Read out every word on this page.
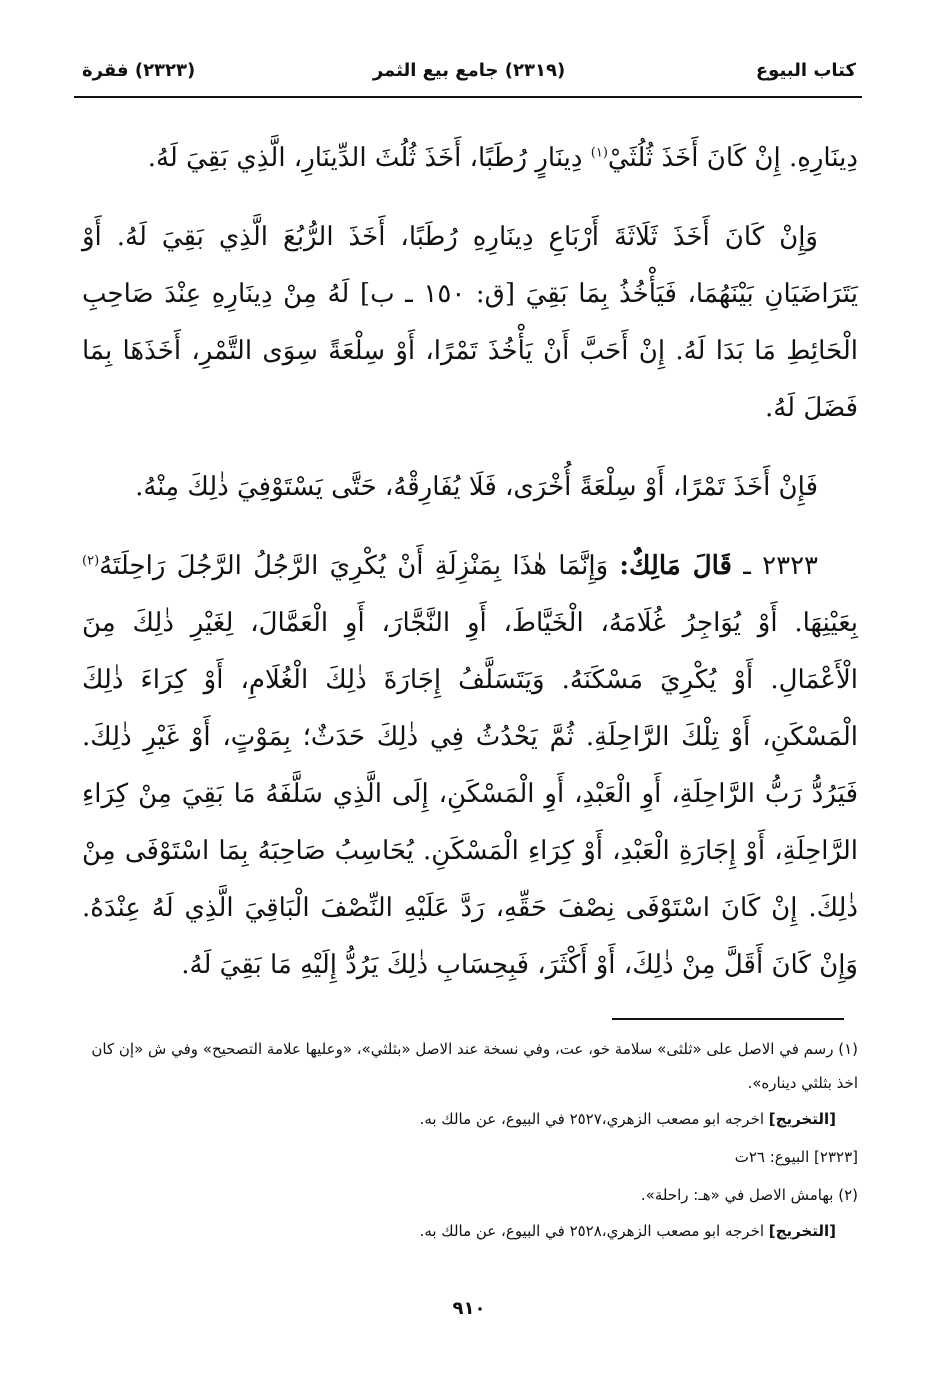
كتاب البيوع
(٢٣١٩) جامع بيع الثمر
(٢٣٢٣) فقرة

دِينَارِهِ. إِنْ كَانَ أَخَذَ ثُلُثَيْ$^{(١)}$ دِينَارٍ رُطَبًا، أَخَذَ ثُلُثَ الدِّينَارِ، الَّذِي بَقِيَ لَهُ.

وَإِنْ كَانَ أَخَذَ ثَلَاثَةَ أَرْبَاعِ دِينَارِهِ رُطَبًا، أَخَذَ الرُّبُعَ الَّذِي بَقِيَ لَهُ. أَوْ يَتَرَاضَيَانِ بَيْنَهُمَا، فَيَأْخُذُ بِمَا بَقِيَ [ق: ١٥٠ ـ ب] لَهُ مِنْ دِينَارِهِ عِنْدَ صَاحِبِ الْحَائِطِ مَا بَدَا لَهُ. إِنْ أَحَبَّ أَنْ يَأْخُذَ تَمْرًا، أَوْ سِلْعَةً سِوَى التَّمْرِ، أَخَذَهَا بِمَا فَضَلَ لَهُ.

فَإِنْ أَخَذَ تَمْرًا، أَوْ سِلْعَةً أُخْرَى، فَلَا يُفَارِقْهُ، حَتَّى يَسْتَوْفِيَ ذٰلِكَ مِنْهُ.

٢٣٢٣ ـ قَالَ مَالِكٌ: وَإِنَّمَا هٰذَا بِمَنْزِلَةِ أَنْ يُكْرِيَ الرَّجُلُ الرَّجُلَ رَاحِلَتَهُ$^{(٢)}$ بِعَيْنِهَا. أَوْ يُوَاجِرُ غُلَامَهُ، الْخَيَّاطَ، أَوِ النَّجَّارَ، أَوِ الْعَمَّالَ، لِغَيْرِ ذٰلِكَ مِنَ الْأَعْمَالِ. أَوْ يُكْرِيَ مَسْكَنَهُ. وَيَتَسَلَّفُ إِجَارَةَ ذٰلِكَ الْغُلَامِ، أَوْ كِرَاءَ ذٰلِكَ الْمَسْكَنِ، أَوْ تِلْكَ الرَّاحِلَةِ. ثُمَّ يَحْدُثُ فِي ذٰلِكَ حَدَثٌ؛ بِمَوْتٍ، أَوْ غَيْرِ ذٰلِكَ. فَيَرُدُّ رَبُّ الرَّاحِلَةِ، أَوِ الْعَبْدِ، أَوِ الْمَسْكَنِ، إِلَى الَّذِي سَلَّفَهُ مَا بَقِيَ مِنْ كِرَاءِ الرَّاحِلَةِ، أَوْ إِجَارَةِ الْعَبْدِ، أَوْ كِرَاءِ الْمَسْكَنِ. يُحَاسِبُ صَاحِبَهُ بِمَا اسْتَوْفَى مِنْ ذٰلِكَ. إِنْ كَانَ اسْتَوْفَى نِصْفَ حَقِّهِ، رَدَّ عَلَيْهِ النِّصْفَ الْبَاقِيَ الَّذِي لَهُ عِنْدَهُ. وَإِنْ كَانَ أَقَلَّ مِنْ ذٰلِكَ، أَوْ أَكْثَرَ، فَبِحِسَابِ ذٰلِكَ يَرُدُّ إِلَيْهِ مَا بَقِيَ لَهُ.

(١) رسم في الاصل على «ثلثى» سلامة خو، عت، وفي نسخة عند الاصل «بثلثي»، «وعليها علامة التصحيح» وفي ش «إن كان اخذ بثلثي ديناره».

[التخريج] اخرجه ابو مصعب الزهري،٢٥٢٧ في البيوع، عن مالك به.

[٢٣٢٣] البيوع: ٢٦ت

(٢) بهامش الاصل في «هـ: راحلة».

[التخريج] اخرجه ابو مصعب الزهري،٢٥٢٨ في البيوع، عن مالك به.

٩١٠
